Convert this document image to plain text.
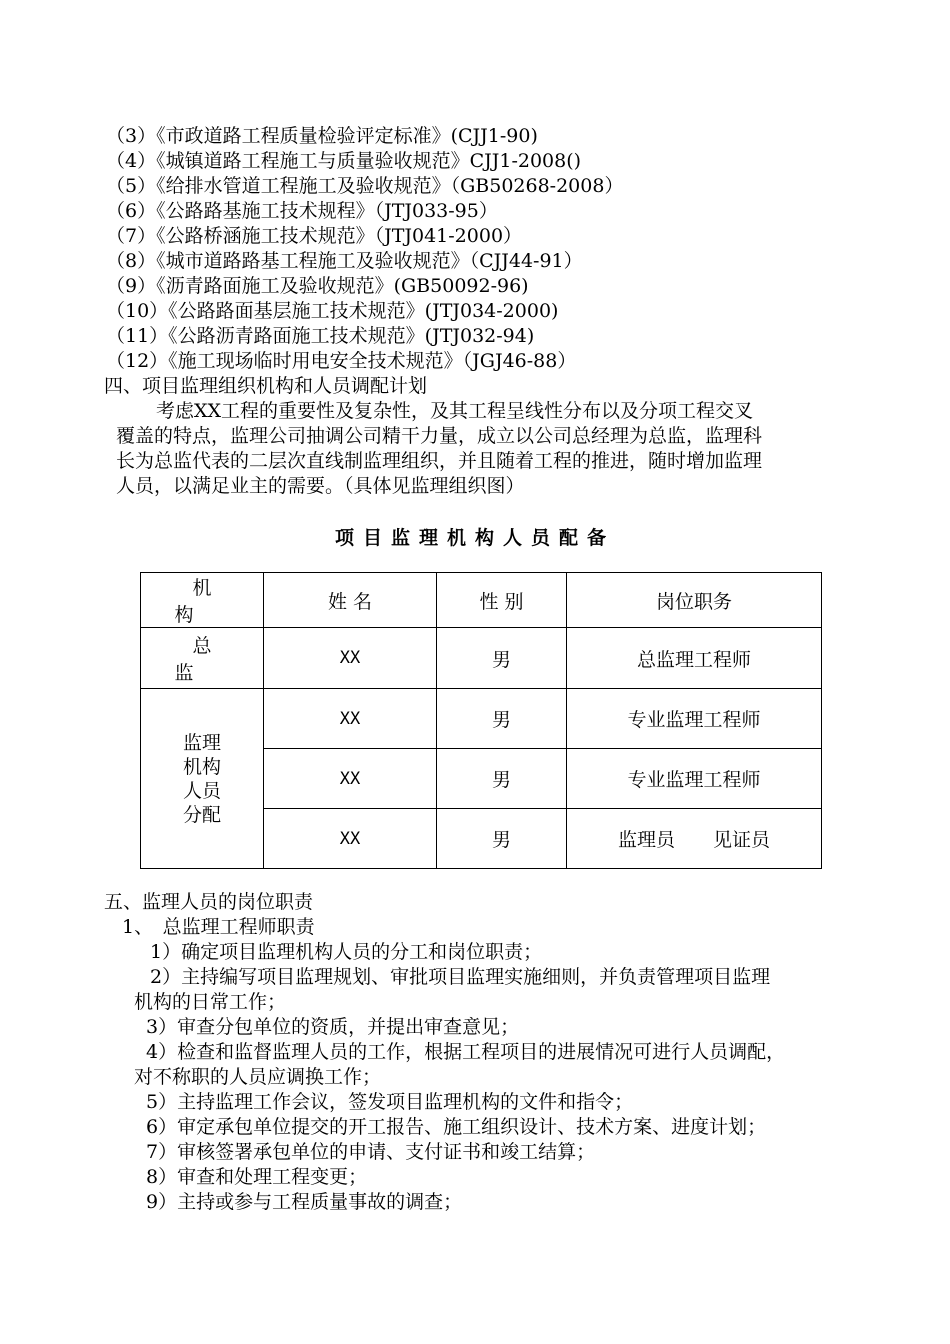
（3）《市政道路工程质量检验评定标准》(CJJ1-90)
（4）《城镇道路工程施工与质量验收规范》CJJ1-2008()
（5）《给排水管道工程施工及验收规范》（GB50268-2008）
（6）《公路路基施工技术规程》（JTJ033-95）
（7）《公路桥涵施工技术规范》（JTJ041-2000）
（8）《城市道路路基工程施工及验收规范》（CJJ44-91）
（9）《沥青路面施工及验收规范》(GB50092-96)
（10）《公路路面基层施工技术规范》(JTJ034-2000)
（11）《公路沥青路面施工技术规范》(JTJ032-94)
（12）《施工现场临时用电安全技术规范》（JGJ46-88）
四、项目监理组织机构和人员调配计划
考虑XX工程的重要性及复杂性，及其工程呈线性分布以及分项工程交叉
覆盖的特点，监理公司抽调公司精干力量，成立以公司总经理为总监，监理科
长为总监代表的二层次直线制监理组织，并且随着工程的推进，随时增加监理
人员，以满足业主的需要。（具体见监理组织图）
项目监理机构人员配备
机构	姓 名	性 别	岗位职务
总监	XX	男	总监理工程师

监理
机构
人员
分配	XX	男	专业监理工程师
	XX	男	专业监理工程师
	XX	男	监理员　　见证员
五、监理人员的岗位职责
1、　总监理工程师职责
1）确定项目监理机构人员的分工和岗位职责；
2）主持编写项目监理规划、审批项目监理实施细则，并负责管理项目监理
机构的日常工作；
3）审查分包单位的资质，并提出审查意见；
4）检查和监督监理人员的工作，根据工程项目的进展情况可进行人员调配，
对不称职的人员应调换工作；
5）主持监理工作会议，签发项目监理机构的文件和指令；
6）审定承包单位提交的开工报告、施工组织设计、技术方案、进度计划；
7）审核签署承包单位的申请、支付证书和竣工结算；
8）审查和处理工程变更；
9）主持或参与工程质量事故的调查；
